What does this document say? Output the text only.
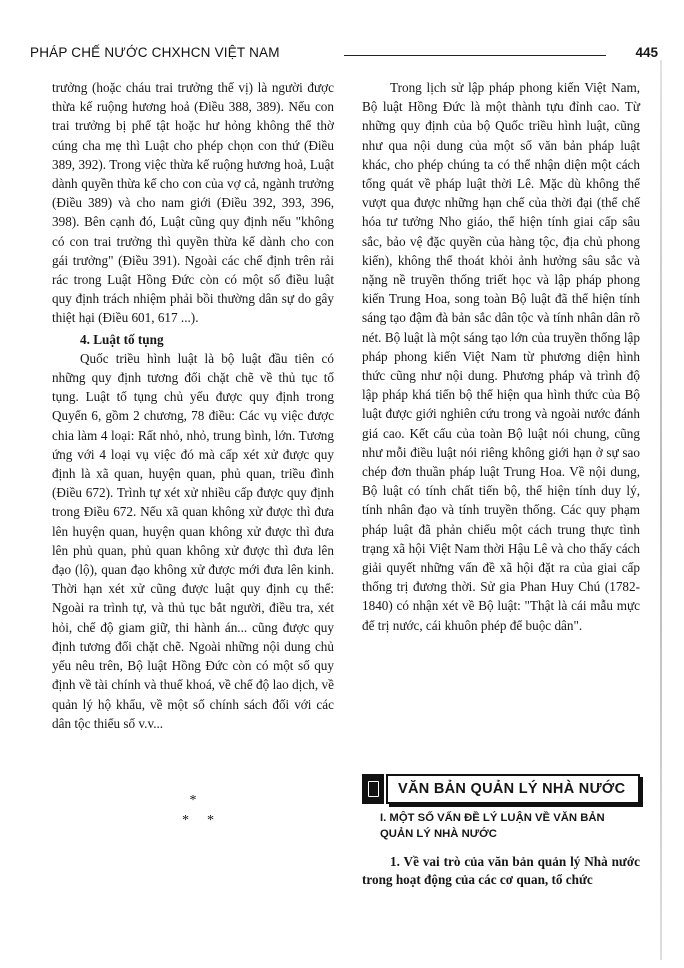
PHÁP CHẾ NƯỚC CHXHCN VIỆT NAM	445

trưởng (hoặc cháu trai trưởng thế vị) là người được thừa kế ruộng hương hoả (Điều 388, 389). Nếu con trai trưởng bị phế tật hoặc hư hỏng không thể thờ cúng cha mẹ thì Luật cho phép chọn con thứ (Điều 389, 392). Trong việc thừa kế ruộng hương hoả, Luật dành quyền thừa kế cho con của vợ cả, ngành trưởng (Điều 389) và cho nam giới (Điều 392, 393, 396, 398). Bên cạnh đó, Luật cũng quy định nếu "không có con trai trưởng thì quyền thừa kế dành cho con gái trưởng" (Điều 391). Ngoài các chế định trên rải rác trong Luật Hồng Đức còn có một số điều luật quy định trách nhiệm phải bồi thường dân sự do gây thiệt hại (Điều 601, 617 ...).

4. Luật tố tụng

Quốc triều hình luật là bộ luật đầu tiên có những quy định tương đối chặt chẽ về thủ tục tố tụng. Luật tố tụng chủ yếu được quy định trong Quyển 6, gồm 2 chương, 78 điều: Các vụ việc được chia làm 4 loại: Rất nhỏ, nhỏ, trung bình, lớn. Tương ứng với 4 loại vụ việc đó mà cấp xét xử được quy định là xã quan, huyện quan, phủ quan, triều đình (Điều 672). Trình tự xét xử nhiều cấp được quy định trong Điều 672. Nếu xã quan không xử được thì đưa lên huyện quan, huyện quan không xử được thì đưa lên phủ quan, phủ quan không xử được thì đưa lên đạo (lộ), quan đạo không xử được mới đưa lên kinh. Thời hạn xét xử cũng được luật quy định cụ thể: Ngoài ra trình tự, và thủ tục bắt người, điều tra, xét hỏi, chế độ giam giữ, thi hành án... cũng được quy định tương đối chặt chẽ. Ngoài những nội dung chủ yếu nêu trên, Bộ luật Hồng Đức còn có một số quy định về tài chính và thuế khoá, về chế độ lao dịch, về quản lý hộ khẩu, về một số chính sách đối với các dân tộc thiểu số v.v...

*
**

Trong lịch sử lập pháp phong kiến Việt Nam, Bộ luật Hồng Đức là một thành tựu đỉnh cao. Từ những quy định của bộ Quốc triều hình luật, cũng như qua nội dung của một số văn bản pháp luật khác, cho phép chúng ta có thể nhận diện một cách tổng quát về pháp luật thời Lê. Mặc dù không thể vượt qua được những hạn chế của thời đại (thể chế hóa tư tưởng Nho giáo, thể hiện tính giai cấp sâu sắc, bảo vệ đặc quyền của hàng tộc, địa chủ phong kiến), không thể thoát khỏi ảnh hưởng sâu sắc và nặng nề truyền thống triết học và lập pháp phong kiến Trung Hoa, song toàn Bộ luật đã thể hiện tính sáng tạo đậm đà bản sắc dân tộc và tính nhân dân rõ nét. Bộ luật là một sáng tạo lớn của truyền thống lập pháp phong kiến Việt Nam từ phương diện hình thức cũng như nội dung. Phương pháp và trình độ lập pháp khá tiến bộ thể hiện qua hình thức của Bộ luật được giới nghiên cứu trong và ngoài nước đánh giá cao. Kết cấu của toàn Bộ luật nói chung, cũng như mỗi điều luật nói riêng không giới hạn ở sự sao chép đơn thuần pháp luật Trung Hoa. Về nội dung, Bộ luật có tính chất tiến bộ, thể hiện tính duy lý, tính nhân đạo và tính truyền thống. Các quy phạm pháp luật đã phản chiếu một cách trung thực tình trạng xã hội Việt Nam thời Hậu Lê và cho thấy cách giải quyết những vấn đề xã hội đặt ra của giai cấp thống trị đương thời. Sử gia Phan Huy Chú (1782-1840) có nhận xét về Bộ luật: "Thật là cái mẫu mực để trị nước, cái khuôn phép để buộc dân".

VĂN BẢN QUẢN LÝ NHÀ NƯỚC

I. MỘT SỐ VẤN ĐỀ LÝ LUẬN VỀ VĂN BẢN

QUẢN LÝ NHÀ NƯỚC

1. Về vai trò của văn bản quản lý Nhà nước trong hoạt động của các cơ quan, tổ chức
